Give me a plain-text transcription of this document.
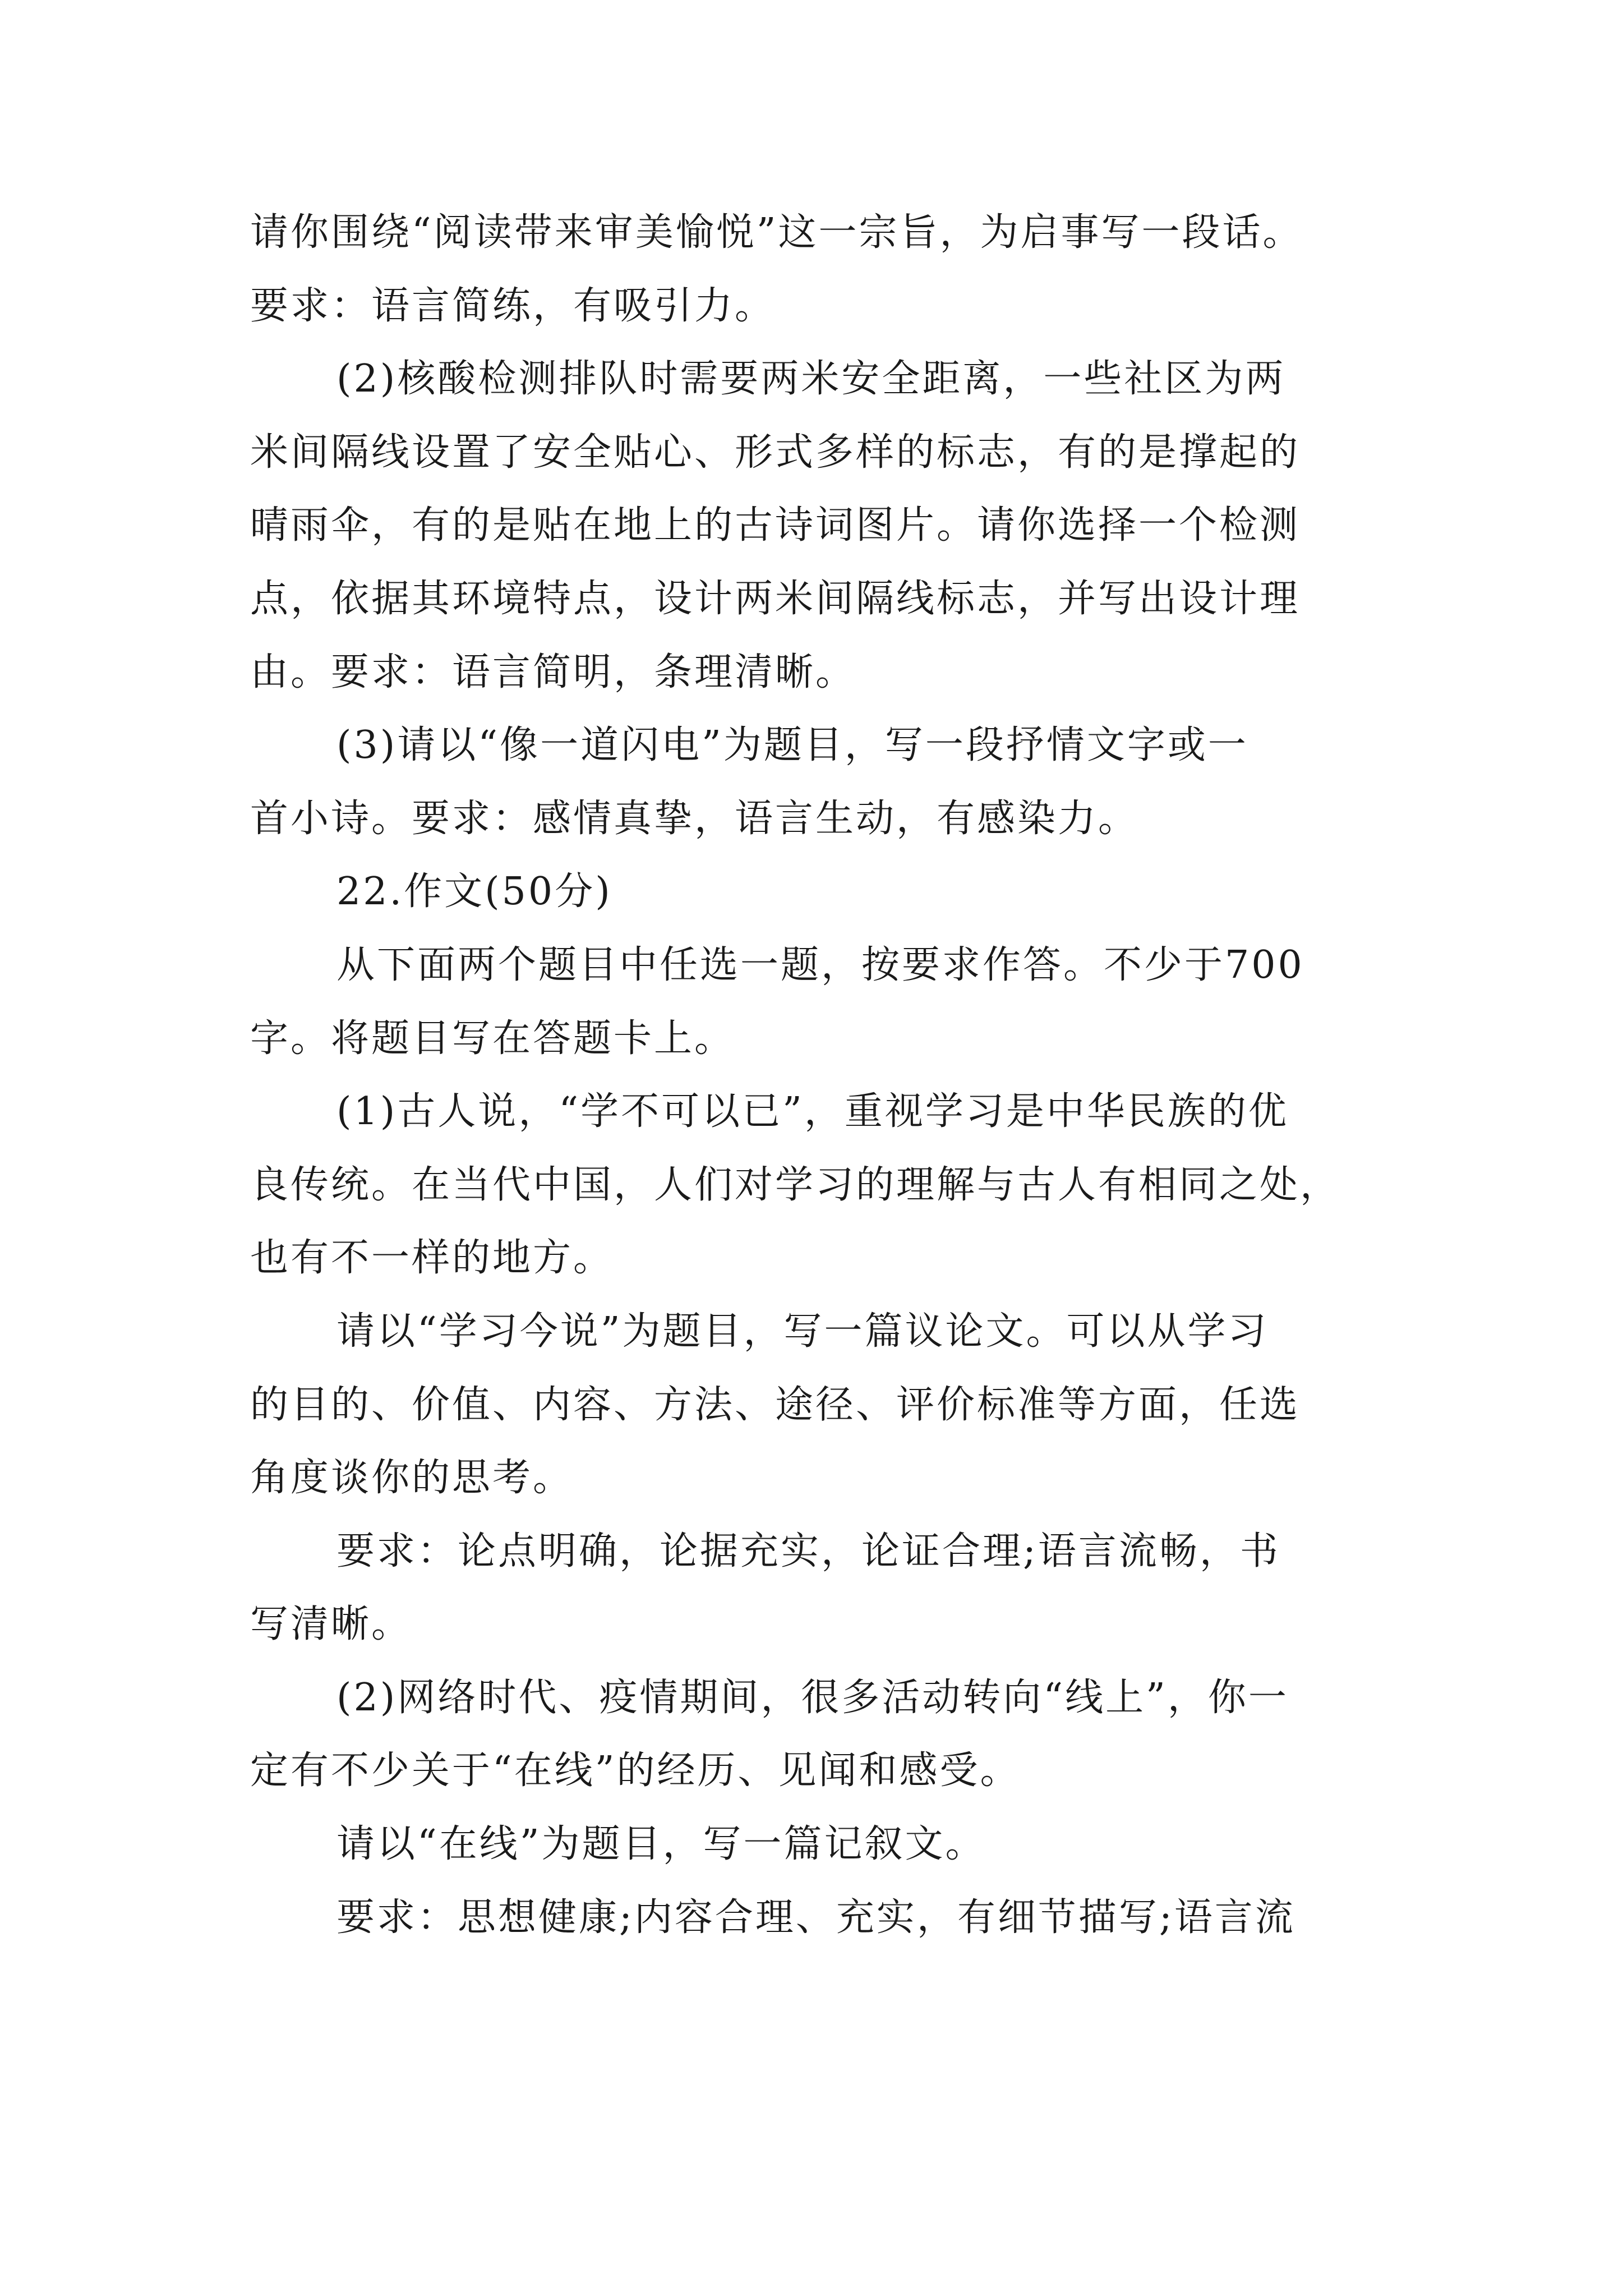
请你围绕“阅读带来审美愉悦”这一宗旨，为启事写一段话。
要求：语言简练，有吸引力。
(2)核酸检测排队时需要两米安全距离，一些社区为两
米间隔线设置了安全贴心、形式多样的标志，有的是撑起的
晴雨伞，有的是贴在地上的古诗词图片。请你选择一个检测
点，依据其环境特点，设计两米间隔线标志，并写出设计理
由。要求：语言简明，条理清晰。
(3)请以“像一道闪电”为题目，写一段抒情文字或一
首小诗。要求：感情真挚，语言生动，有感染力。
22.作文(50分)
从下面两个题目中任选一题，按要求作答。不少于700
字。将题目写在答题卡上。
(1)古人说，“学不可以已”，重视学习是中华民族的优
良传统。在当代中国，人们对学习的理解与古人有相同之处，
也有不一样的地方。
请以“学习今说”为题目，写一篇议论文。可以从学习
的目的、价值、内容、方法、途径、评价标准等方面，任选
角度谈你的思考。
要求：论点明确，论据充实，论证合理;语言流畅，书
写清晰。
(2)网络时代、疫情期间，很多活动转向“线上”，你一
定有不少关于“在线”的经历、见闻和感受。
请以“在线”为题目，写一篇记叙文。
要求：思想健康;内容合理、充实，有细节描写;语言流
